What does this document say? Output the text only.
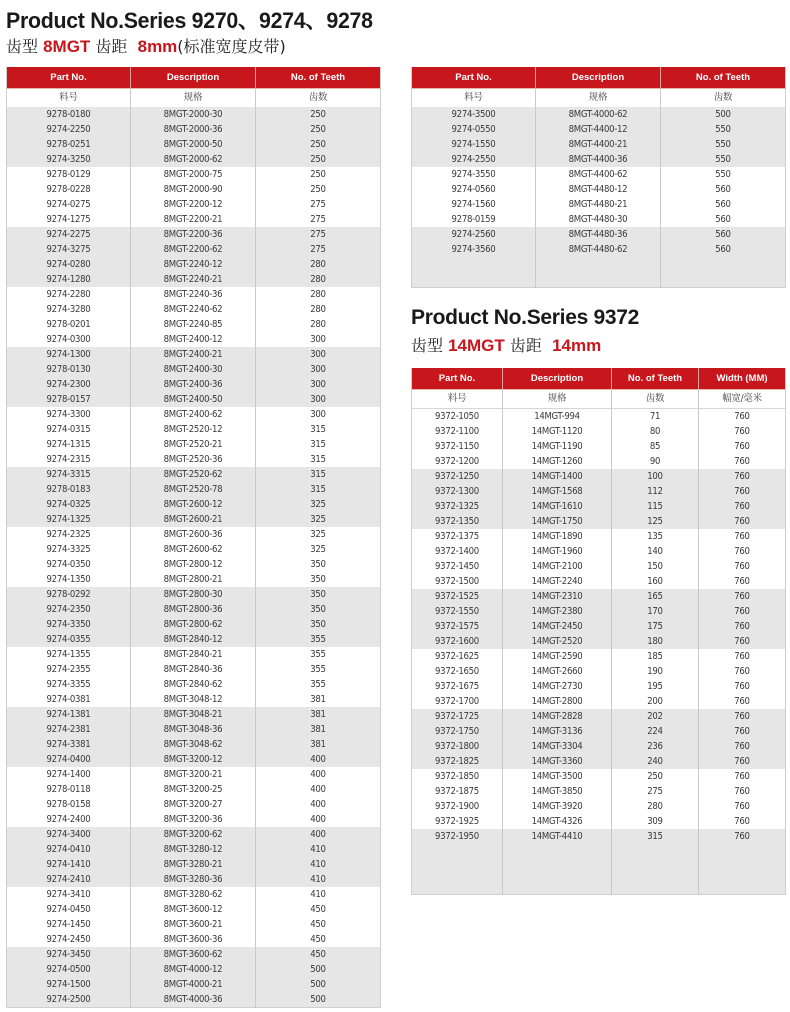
Product No.Series 9270、9274、9278
齿型 8MGT 齿距  8mm(标准宽度皮带)
Part No.	Description	No. of Teeth
料号	规格	齿数
9278-0180	8MGT-2000-30	250
9274-2250	8MGT-2000-36	250
9278-0251	8MGT-2000-50	250
9274-3250	8MGT-2000-62	250
9278-0129	8MGT-2000-75	250
9278-0228	8MGT-2000-90	250
9274-0275	8MGT-2200-12	275
9274-1275	8MGT-2200-21	275
9274-2275	8MGT-2200-36	275
9274-3275	8MGT-2200-62	275
9274-0280	8MGT-2240-12	280
9274-1280	8MGT-2240-21	280
9274-2280	8MGT-2240-36	280
9274-3280	8MGT-2240-62	280
9278-0201	8MGT-2240-85	280
9274-0300	8MGT-2400-12	300
9274-1300	8MGT-2400-21	300
9278-0130	8MGT-2400-30	300
9274-2300	8MGT-2400-36	300
9278-0157	8MGT-2400-50	300
9274-3300	8MGT-2400-62	300
9274-0315	8MGT-2520-12	315
9274-1315	8MGT-2520-21	315
9274-2315	8MGT-2520-36	315
9274-3315	8MGT-2520-62	315
9278-0183	8MGT-2520-78	315
9274-0325	8MGT-2600-12	325
9274-1325	8MGT-2600-21	325
9274-2325	8MGT-2600-36	325
9274-3325	8MGT-2600-62	325
9274-0350	8MGT-2800-12	350
9274-1350	8MGT-2800-21	350
9278-0292	8MGT-2800-30	350
9274-2350	8MGT-2800-36	350
9274-3350	8MGT-2800-62	350
9274-0355	8MGT-2840-12	355
9274-1355	8MGT-2840-21	355
9274-2355	8MGT-2840-36	355
9274-3355	8MGT-2840-62	355
9274-0381	8MGT-3048-12	381
9274-1381	8MGT-3048-21	381
9274-2381	8MGT-3048-36	381
9274-3381	8MGT-3048-62	381
9274-0400	8MGT-3200-12	400
9274-1400	8MGT-3200-21	400
9278-0118	8MGT-3200-25	400
9278-0158	8MGT-3200-27	400
9274-2400	8MGT-3200-36	400
9274-3400	8MGT-3200-62	400
9274-0410	8MGT-3280-12	410
9274-1410	8MGT-3280-21	410
9274-2410	8MGT-3280-36	410
9274-3410	8MGT-3280-62	410
9274-0450	8MGT-3600-12	450
9274-1450	8MGT-3600-21	450
9274-2450	8MGT-3600-36	450
9274-3450	8MGT-3600-62	450
9274-0500	8MGT-4000-12	500
9274-1500	8MGT-4000-21	500
9274-2500	8MGT-4000-36	500
Part No.	Description	No. of Teeth
料号	规格	齿数
9274-3500	8MGT-4000-62	500
9274-0550	8MGT-4400-12	550
9274-1550	8MGT-4400-21	550
9274-2550	8MGT-4400-36	550
9274-3550	8MGT-4400-62	550
9274-0560	8MGT-4480-12	560
9274-1560	8MGT-4480-21	560
9278-0159	8MGT-4480-30	560
9274-2560	8MGT-4480-36	560
9274-3560	8MGT-4480-62	560

Product No.Series 9372
齿型 14MGT 齿距  14mm
Part No.	Description	No. of Teeth	Width (MM)
料号	规格	齿数	幅宽/毫米
9372-1050	14MGT-994	71	760
9372-1100	14MGT-1120	80	760
9372-1150	14MGT-1190	85	760
9372-1200	14MGT-1260	90	760
9372-1250	14MGT-1400	100	760
9372-1300	14MGT-1568	112	760
9372-1325	14MGT-1610	115	760
9372-1350	14MGT-1750	125	760
9372-1375	14MGT-1890	135	760
9372-1400	14MGT-1960	140	760
9372-1450	14MGT-2100	150	760
9372-1500	14MGT-2240	160	760
9372-1525	14MGT-2310	165	760
9372-1550	14MGT-2380	170	760
9372-1575	14MGT-2450	175	760
9372-1600	14MGT-2520	180	760
9372-1625	14MGT-2590	185	760
9372-1650	14MGT-2660	190	760
9372-1675	14MGT-2730	195	760
9372-1700	14MGT-2800	200	760
9372-1725	14MGT-2828	202	760
9372-1750	14MGT-3136	224	760
9372-1800	14MGT-3304	236	760
9372-1825	14MGT-3360	240	760
9372-1850	14MGT-3500	250	760
9372-1875	14MGT-3850	275	760
9372-1900	14MGT-3920	280	760
9372-1925	14MGT-4326	309	760
9372-1950	14MGT-4410	315	760
